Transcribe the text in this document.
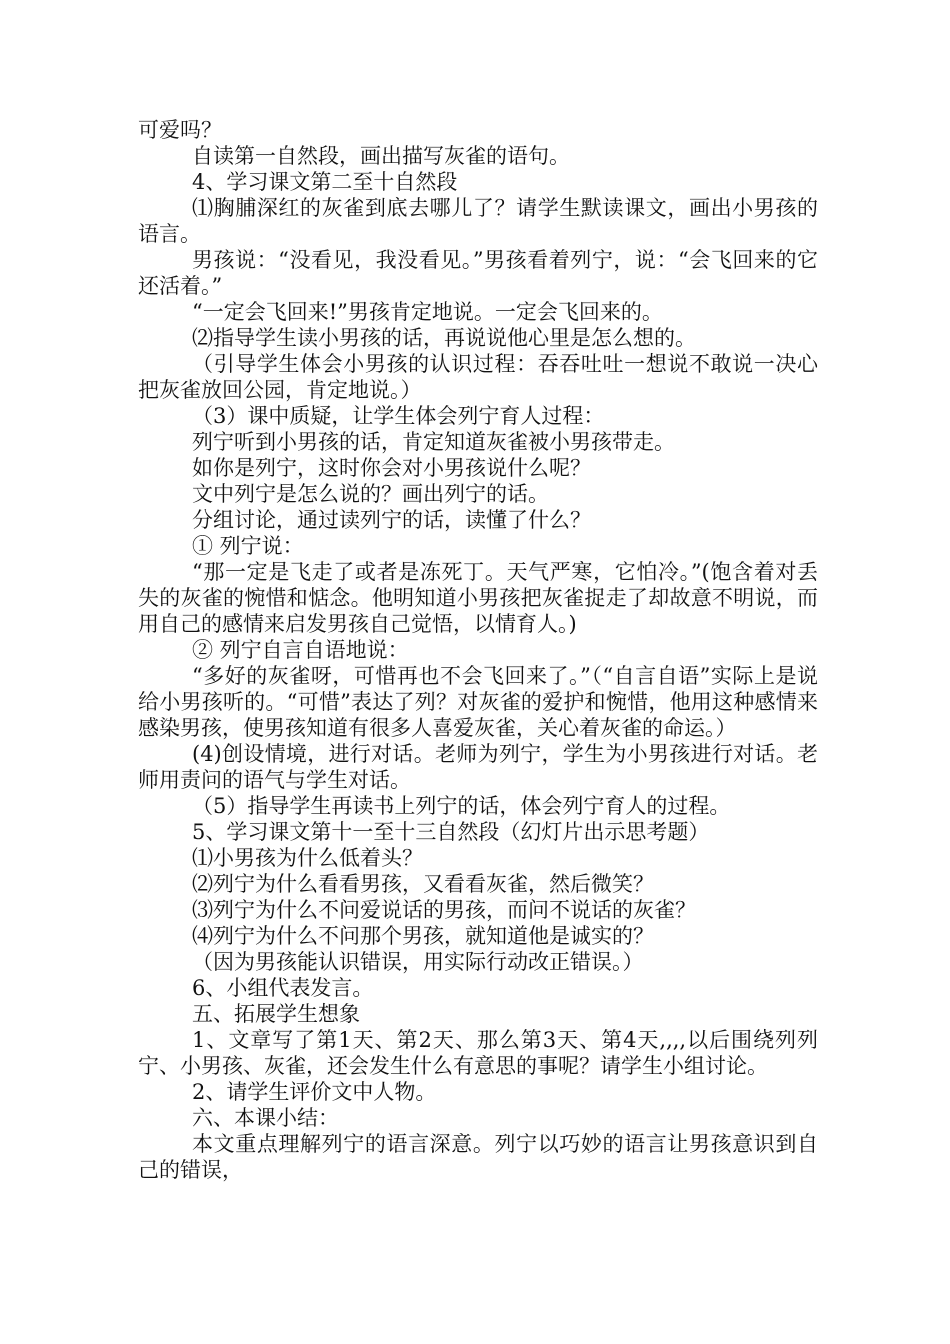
可爱吗？

自读第一自然段，画出描写灰雀的语句。

4、学习课文第二至十自然段

⑴胸脯深红的灰雀到底去哪儿了？请学生默读课文，画出小男孩的语言。

男孩说：“没看见，我没看见。”男孩看着列宁，说：“会飞回来的它还活着。”

“一定会飞回来!”男孩肯定地说。一定会飞回来的。

⑵指导学生读小男孩的话，再说说他心里是怎么想的。

（引导学生体会小男孩的认识过程：吞吞吐吐一想说不敢说一决心把灰雀放回公园，肯定地说。）

（3）课中质疑，让学生体会列宁育人过程：

列宁听到小男孩的话，肯定知道灰雀被小男孩带走。

如你是列宁，这时你会对小男孩说什么呢？

文中列宁是怎么说的？画出列宁的话。

分组讨论，通过读列宁的话，读懂了什么？

① 列宁说：

“那一定是飞走了或者是冻死丁。天气严寒，它怕冷。”(饱含着对丢失的灰雀的惋惜和惦念。他明知道小男孩把灰雀捉走了却故意不明说，而用自己的感情来启发男孩自己觉悟，以情育人。)

② 列宁自言自语地说：

“多好的灰雀呀，可惜再也不会飞回来了。”（“自言自语”实际上是说给小男孩听的。“可惜”表达了列？对灰雀的爱护和惋惜，他用这种感情来感染男孩，使男孩知道有很多人喜爱灰雀，关心着灰雀的命运。）

(4)创设情境，进行对话。老师为列宁，学生为小男孩进行对话。老师用责问的语气与学生对话。

（5）指导学生再读书上列宁的话，体会列宁育人的过程。

5、学习课文第十一至十三自然段（幻灯片出示思考题）

⑴小男孩为什么低着头？

⑵列宁为什么看看男孩，又看看灰雀，然后微笑？

⑶列宁为什么不问爱说话的男孩，而问不说话的灰雀？

⑷列宁为什么不问那个男孩，就知道他是诚实的？

（因为男孩能认识错误，用实际行动改正错误。）

6、小组代表发言。

五、拓展学生想象

1、文章写了第1天、第2天、那么第3天、第4天,,,,以后围绕列列宁、小男孩、灰雀，还会发生什么有意思的事呢？请学生小组讨论。

2、请学生评价文中人物。

六、本课小结：

本文重点理解列宁的语言深意。列宁以巧妙的语言让男孩意识到自己的错误，
